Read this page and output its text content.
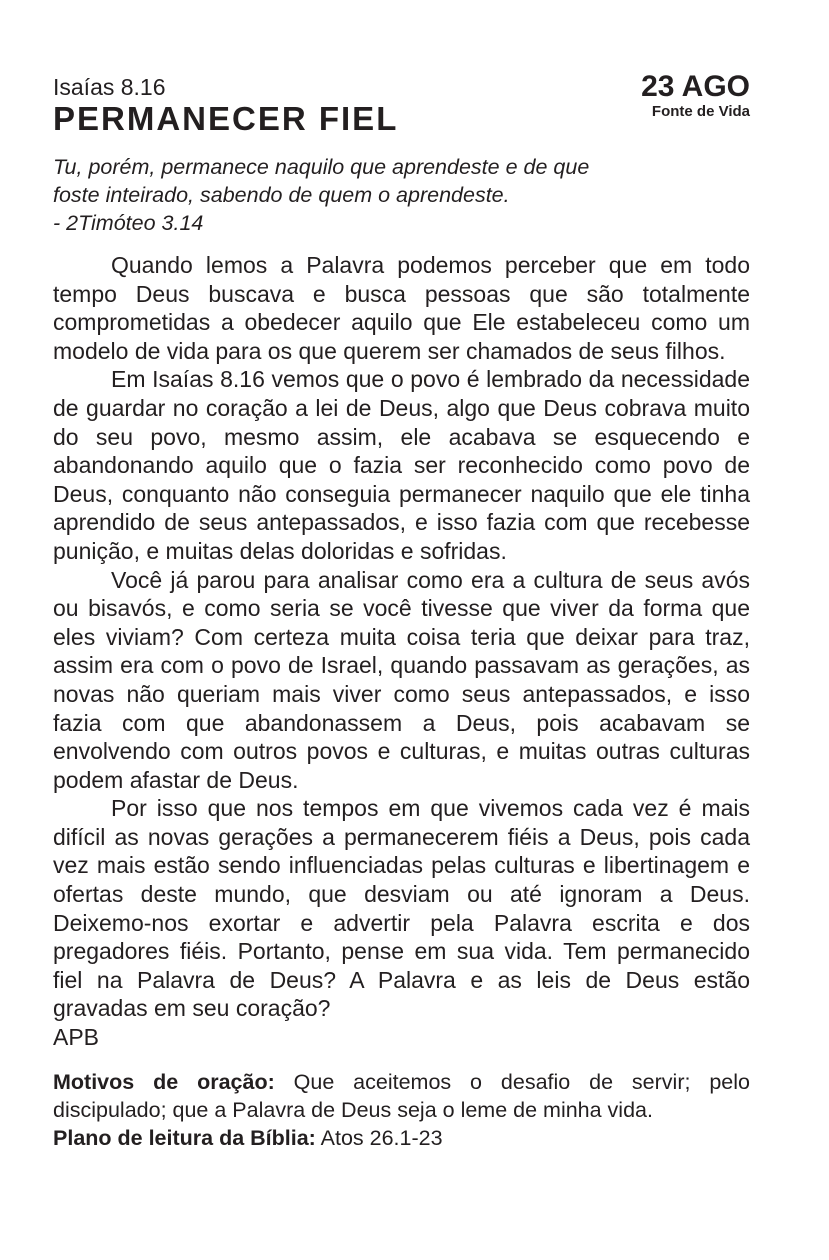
Isaías 8.16
PERMANECER FIEL
23 AGO
Fonte de Vida
Tu, porém, permanece naquilo que aprendeste e de que
foste inteirado, sabendo de quem o aprendeste.
- 2Timóteo 3.14

Quando lemos a Palavra podemos perceber que em todo tempo Deus buscava e busca pessoas que são totalmente comprometidas a obedecer aquilo que Ele estabeleceu como um modelo de vida para os que querem ser chamados de seus filhos.

Em Isaías 8.16 vemos que o povo é lembrado da necessidade de guardar no coração a lei de Deus, algo que Deus cobrava muito do seu povo, mesmo assim, ele acabava se esquecendo e abandonando aquilo que o fazia ser reconhecido como povo de Deus, conquanto não conseguia permanecer naquilo que ele tinha aprendido de seus antepassados, e isso fazia com que recebesse punição, e muitas delas doloridas e sofridas.

Você já parou para analisar como era a cultura de seus avós ou bisavós, e como seria se você tivesse que viver da forma que eles viviam? Com certeza muita coisa teria que deixar para traz, assim era com o povo de Israel, quando passavam as gerações, as novas não queriam mais viver como seus antepassados, e isso fazia com que abandonassem a Deus, pois acabavam se envolvendo com outros povos e culturas, e muitas outras culturas podem afastar de Deus.

Por isso que nos tempos em que vivemos cada vez é mais difícil as novas gerações a permanecerem fiéis a Deus, pois cada vez mais estão sendo influenciadas pelas culturas e libertinagem e ofertas deste mundo, que desviam ou até ignoram a Deus. Deixemo-nos exortar e advertir pela Palavra escrita e dos pregadores fiéis. Portanto, pense em sua vida. Tem permanecido fiel na Palavra de Deus? A Palavra e as leis de Deus estão gravadas em seu coração?

APB

Motivos de oração: Que aceitemos o desafio de servir; pelo discipulado; que a Palavra de Deus seja o leme de minha vida.

Plano de leitura da Bíblia: Atos 26.1-23
